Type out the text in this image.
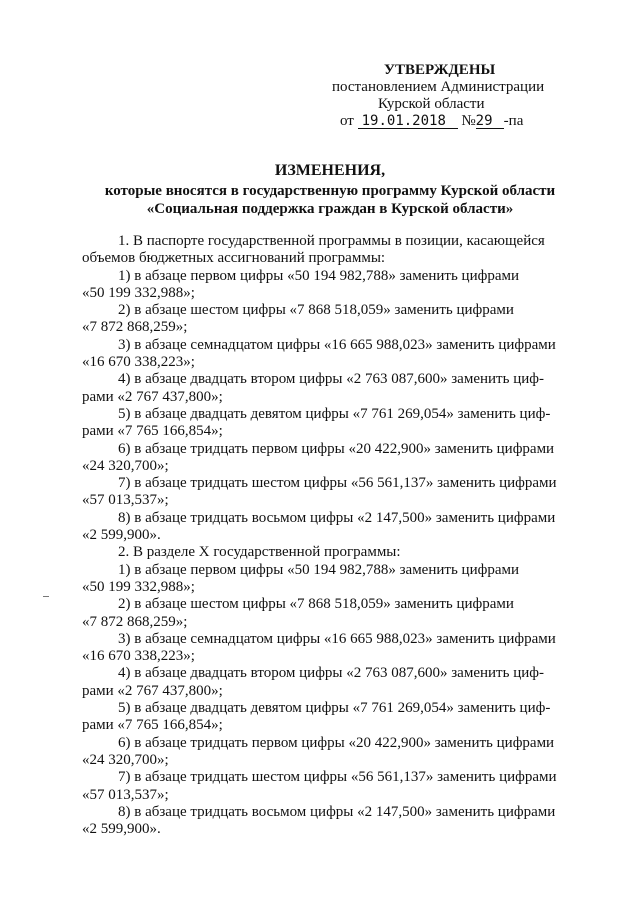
УТВЕРЖДЕНЫ
постановлением Администрации
Курской области
от 19.01.2018 №29 -па
ИЗМЕНЕНИЯ,
которые вносятся в государственную программу Курской области
«Социальная поддержка граждан в Курской области»
1. В паспорте государственной программы в позиции, касающейся
объемов бюджетных ассигнований программы:
1) в абзаце первом цифры «50 194 982,788» заменить цифрами
«50 199 332,988»;
2) в абзаце шестом цифры «7 868 518,059» заменить цифрами
«7 872 868,259»;
3) в абзаце семнадцатом цифры «16 665 988,023» заменить цифрами
«16 670 338,223»;
4) в абзаце двадцать втором цифры «2 763 087,600» заменить циф-
рами «2 767 437,800»;
5) в абзаце двадцать девятом цифры «7 761 269,054» заменить циф-
рами «7 765 166,854»;
6) в абзаце тридцать первом цифры «20 422,900» заменить цифрами
«24 320,700»;
7) в абзаце тридцать шестом цифры «56 561,137» заменить цифрами
«57 013,537»;
8) в абзаце тридцать восьмом цифры «2 147,500» заменить цифрами
«2 599,900».
2. В разделе X государственной программы:
1) в абзаце первом цифры «50 194 982,788» заменить цифрами
«50 199 332,988»;
2) в абзаце шестом цифры «7 868 518,059» заменить цифрами
«7 872 868,259»;
3) в абзаце семнадцатом цифры «16 665 988,023» заменить цифрами
«16 670 338,223»;
4) в абзаце двадцать втором цифры «2 763 087,600» заменить циф-
рами «2 767 437,800»;
5) в абзаце двадцать девятом цифры «7 761 269,054» заменить циф-
рами «7 765 166,854»;
6) в абзаце тридцать первом цифры «20 422,900» заменить цифрами
«24 320,700»;
7) в абзаце тридцать шестом цифры «56 561,137» заменить цифрами
«57 013,537»;
8) в абзаце тридцать восьмом цифры «2 147,500» заменить цифрами
«2 599,900».
